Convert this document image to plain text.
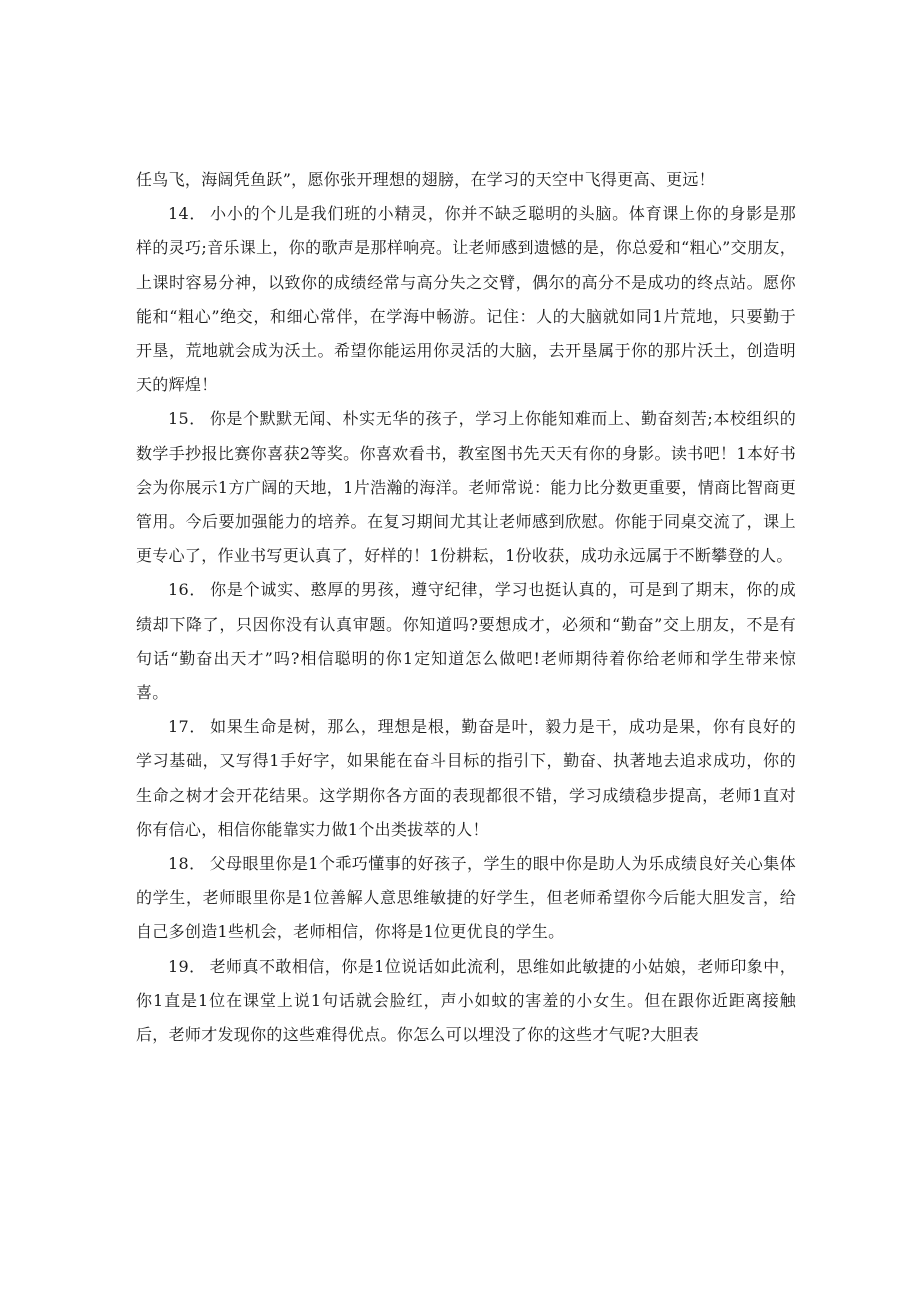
任鸟飞，海阔凭鱼跃”，愿你张开理想的翅膀，在学习的天空中飞得更高、更远！

14． 小小的个儿是我们班的小精灵，你并不缺乏聪明的头脑。体育课上你的身影是那样的灵巧;音乐课上，你的歌声是那样响亮。让老师感到遗憾的是，你总爱和“粗心”交朋友，上课时容易分神，以致你的成绩经常与高分失之交臂，偶尔的高分不是成功的终点站。愿你能和“粗心”绝交，和细心常伴，在学海中畅游。记住：人的大脑就如同1片荒地，只要勤于开垦，荒地就会成为沃土。希望你能运用你灵活的大脑，去开垦属于你的那片沃土，创造明天的辉煌！

15． 你是个默默无闻、朴实无华的孩子，学习上你能知难而上、勤奋刻苦;本校组织的数学手抄报比赛你喜获2等奖。你喜欢看书，教室图书先天天有你的身影。读书吧！1本好书会为你展示1方广阔的天地，1片浩瀚的海洋。老师常说：能力比分数更重要，情商比智商更管用。今后要加强能力的培养。在复习期间尤其让老师感到欣慰。你能于同桌交流了，课上更专心了，作业书写更认真了，好样的！1份耕耘，1份收获，成功永远属于不断攀登的人。

16． 你是个诚实、憨厚的男孩，遵守纪律，学习也挺认真的，可是到了期末，你的成绩却下降了，只因你没有认真审题。你知道吗?要想成才，必须和“勤奋”交上朋友，不是有句话“勤奋出天才”吗?相信聪明的你1定知道怎么做吧!老师期待着你给老师和学生带来惊喜。

17． 如果生命是树，那么，理想是根，勤奋是叶，毅力是干，成功是果，你有良好的学习基础，又写得1手好字，如果能在奋斗目标的指引下，勤奋、执著地去追求成功，你的生命之树才会开花结果。这学期你各方面的表现都很不错，学习成绩稳步提高，老师1直对你有信心，相信你能靠实力做1个出类拔萃的人！

18． 父母眼里你是1个乖巧懂事的好孩子，学生的眼中你是助人为乐成绩良好关心集体的学生，老师眼里你是1位善解人意思维敏捷的好学生，但老师希望你今后能大胆发言，给自己多创造1些机会，老师相信，你将是1位更优良的学生。

19． 老师真不敢相信，你是1位说话如此流利，思维如此敏捷的小姑娘，老师印象中，你1直是1位在课堂上说1句话就会脸红，声小如蚊的害羞的小女生。但在跟你近距离接触后，老师才发现你的这些难得优点。你怎么可以埋没了你的这些才气呢?大胆表
